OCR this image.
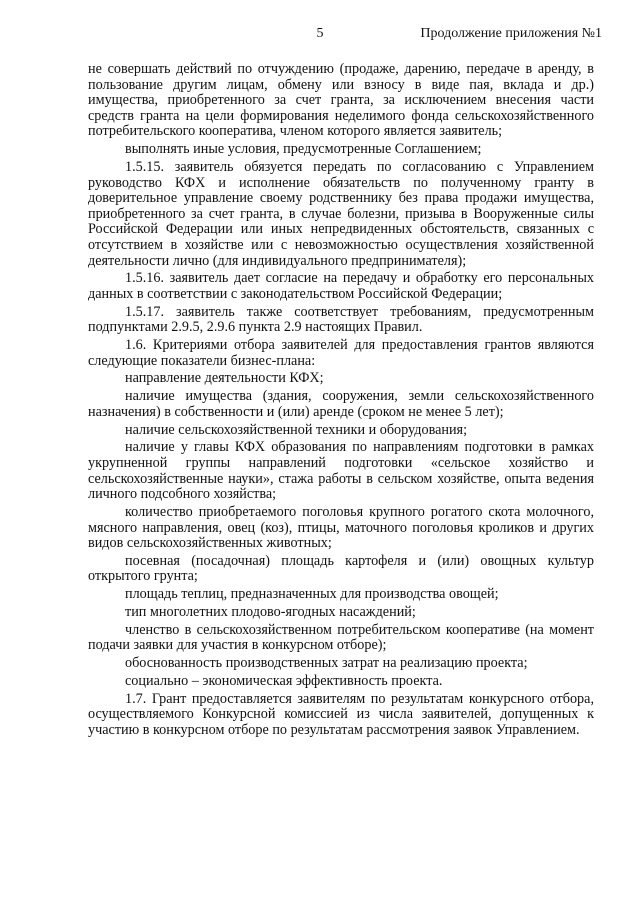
5	Продолжение приложения №1

не совершать действий по отчуждению (продаже, дарению, передаче в аренду, в пользование другим лицам, обмену или взносу в виде пая, вклада и др.) имущества, приобретенного за счет гранта, за исключением внесения части средств гранта на цели формирования неделимого фонда сельскохозяйственного потребительского кооператива, членом которого является заявитель;

выполнять иные условия, предусмотренные Соглашением;

1.5.15. заявитель обязуется передать по согласованию с Управлением руководство КФХ и исполнение обязательств по полученному гранту в доверительное управление своему родственнику без права продажи имущества, приобретенного за счет гранта, в случае болезни, призыва в Вооруженные силы Российской Федерации или иных непредвиденных обстоятельств, связанных с отсутствием в хозяйстве или с невозможностью осуществления хозяйственной деятельности лично (для индивидуального предпринимателя);

1.5.16. заявитель дает согласие на передачу и обработку его персональных данных в соответствии с законодательством Российской Федерации;

1.5.17. заявитель также соответствует требованиям, предусмотренным подпунктами 2.9.5, 2.9.6 пункта 2.9 настоящих Правил.

1.6. Критериями отбора заявителей для предоставления грантов являются следующие показатели бизнес-плана:

направление деятельности КФХ;

наличие имущества (здания, сооружения, земли сельскохозяйственного назначения) в собственности и (или) аренде (сроком не менее 5 лет);

наличие сельскохозяйственной техники и оборудования;

наличие у главы КФХ образования по направлениям подготовки в рамках укрупненной группы направлений подготовки «сельское хозяйство и сельскохозяйственные науки», стажа работы в сельском хозяйстве, опыта ведения личного подсобного хозяйства;

количество приобретаемого поголовья крупного рогатого скота молочного, мясного направления, овец (коз), птицы, маточного поголовья кроликов и других видов сельскохозяйственных животных;

посевная (посадочная) площадь картофеля и (или) овощных культур открытого грунта;

площадь теплиц, предназначенных для производства овощей;

тип многолетних плодово-ягодных насаждений;

членство в сельскохозяйственном потребительском кооперативе (на момент подачи заявки для участия в конкурсном отборе);

обоснованность производственных затрат на реализацию проекта;

социально – экономическая эффективность проекта.

1.7. Грант предоставляется заявителям по результатам конкурсного отбора, осуществляемого Конкурсной комиссией из числа заявителей, допущенных к участию в конкурсном отборе по результатам рассмотрения заявок Управлением.
